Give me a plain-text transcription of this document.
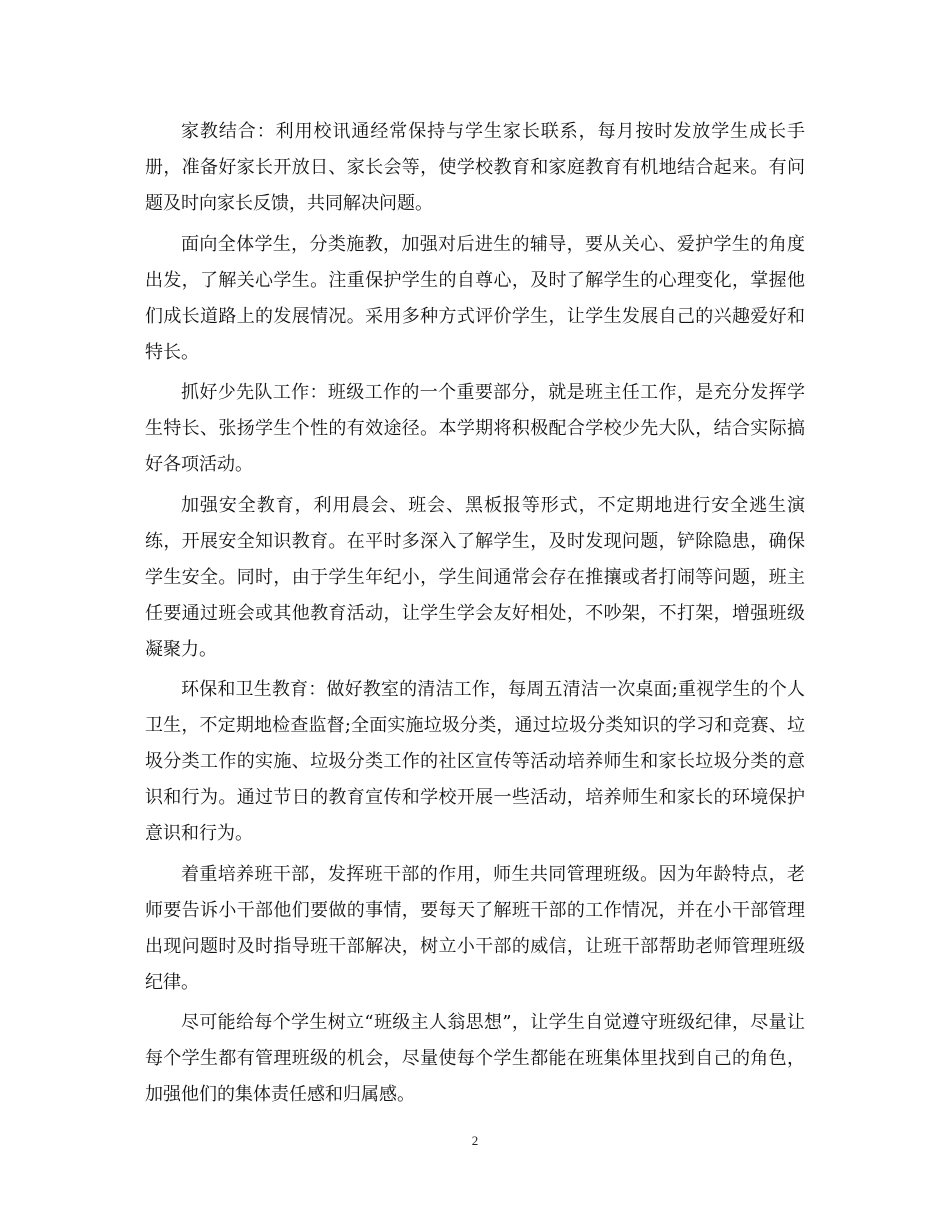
家教结合：利用校讯通经常保持与学生家长联系，每月按时发放学生成长手册，准备好家长开放日、家长会等，使学校教育和家庭教育有机地结合起来。有问题及时向家长反馈，共同解决问题。

面向全体学生，分类施教，加强对后进生的辅导，要从关心、爱护学生的角度出发，了解关心学生。注重保护学生的自尊心，及时了解学生的心理变化，掌握他们成长道路上的发展情况。采用多种方式评价学生，让学生发展自己的兴趣爱好和特长。

抓好少先队工作：班级工作的一个重要部分，就是班主任工作，是充分发挥学生特长、张扬学生个性的有效途径。本学期将积极配合学校少先大队，结合实际搞好各项活动。

加强安全教育，利用晨会、班会、黑板报等形式，不定期地进行安全逃生演练，开展安全知识教育。在平时多深入了解学生，及时发现问题，铲除隐患，确保学生安全。同时，由于学生年纪小，学生间通常会存在推攘或者打闹等问题，班主任要通过班会或其他教育活动，让学生学会友好相处，不吵架，不打架，增强班级凝聚力。

环保和卫生教育：做好教室的清洁工作，每周五清洁一次桌面;重视学生的个人卫生，不定期地检查监督;全面实施垃圾分类，通过垃圾分类知识的学习和竞赛、垃圾分类工作的实施、垃圾分类工作的社区宣传等活动培养师生和家长垃圾分类的意识和行为。通过节日的教育宣传和学校开展一些活动，培养师生和家长的环境保护意识和行为。

着重培养班干部，发挥班干部的作用，师生共同管理班级。因为年龄特点，老师要告诉小干部他们要做的事情，要每天了解班干部的工作情况，并在小干部管理出现问题时及时指导班干部解决，树立小干部的威信，让班干部帮助老师管理班级纪律。

尽可能给每个学生树立“班级主人翁思想”，让学生自觉遵守班级纪律，尽量让每个学生都有管理班级的机会，尽量使每个学生都能在班集体里找到自己的角色，加强他们的集体责任感和归属感。

2
